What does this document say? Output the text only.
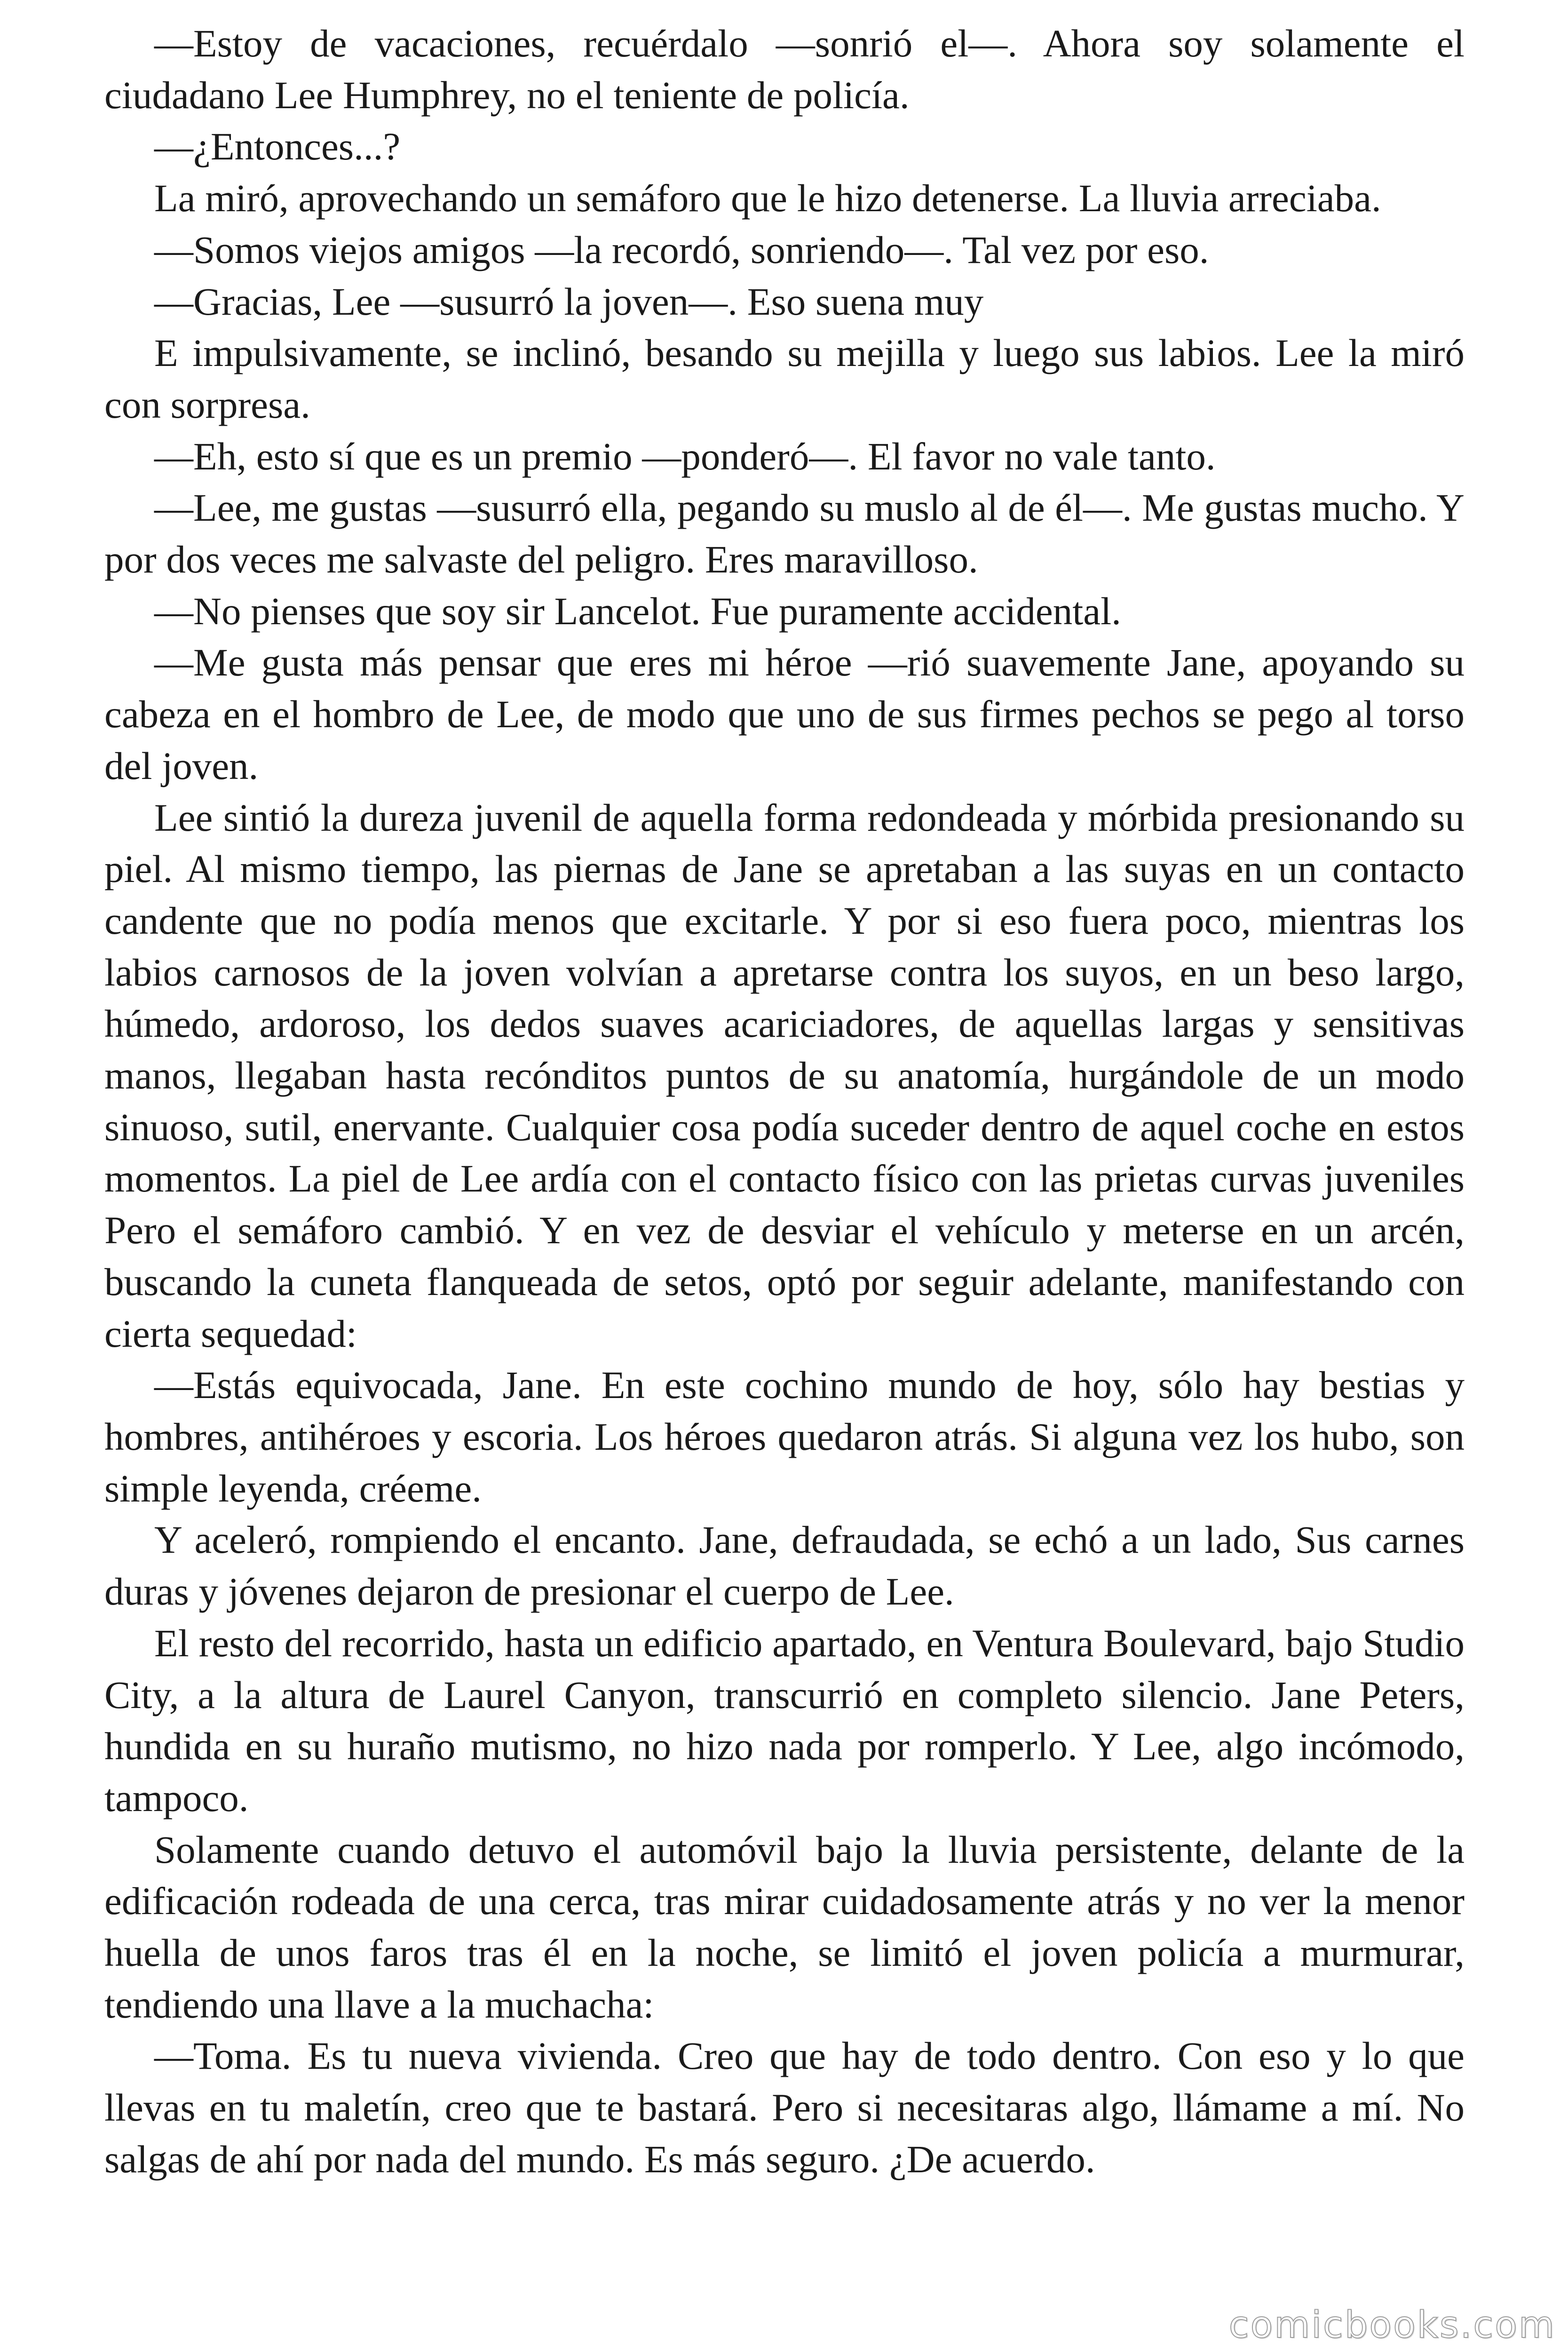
—Estoy de vacaciones, recuérdalo —sonrió el—. Ahora soy solamente el ciudadano Lee Humphrey, no el teniente de policía.

—¿Entonces...?

La miró, aprovechando un semáforo que le hizo detenerse. La lluvia arreciaba.

—Somos viejos amigos —la recordó, sonriendo—. Tal vez por eso.

—Gracias, Lee —susurró la joven—. Eso suena muy

E impulsivamente, se inclinó, besando su mejilla y luego sus labios. Lee la miró con sorpresa.

—Eh, esto sí que es un premio —ponderó—. El favor no vale tanto.

—Lee, me gustas —susurró ella, pegando su muslo al de él—. Me gustas mucho. Y por dos veces me salvaste del peligro. Eres maravilloso.

—No pienses que soy sir Lancelot. Fue puramente accidental.

—Me gusta más pensar que eres mi héroe —rió suavemente Jane, apoyando su cabeza en el hombro de Lee, de modo que uno de sus firmes pechos se pego al torso del joven.

Lee sintió la dureza juvenil de aquella forma redondeada y mórbida presionando su piel. Al mismo tiempo, las piernas de Jane se apretaban a las suyas en un contacto candente que no podía menos que excitarle. Y por si eso fuera poco, mientras los labios carnosos de la joven volvían a apretarse contra los suyos, en un beso largo, húmedo, ardoroso, los dedos suaves acariciadores, de aquellas largas y sensitivas manos, llegaban hasta recónditos puntos de su anatomía, hurgándole de un modo sinuoso, sutil, enervante. Cualquier cosa podía suceder dentro de aquel coche en estos momentos. La piel de Lee ardía con el contacto físico con las prietas curvas juveniles Pero el semáforo cambió. Y en vez de desviar el vehículo y meterse en un arcén, buscando la cuneta flanqueada de setos, optó por seguir adelante, manifestando con cierta sequedad:

—Estás equivocada, Jane. En este cochino mundo de hoy, sólo hay bestias y hombres, antihéroes y escoria. Los héroes quedaron atrás. Si alguna vez los hubo, son simple leyenda, créeme.

Y aceleró, rompiendo el encanto. Jane, defraudada, se echó a un lado, Sus carnes duras y jóvenes dejaron de presionar el cuerpo de Lee.

El resto del recorrido, hasta un edificio apartado, en Ventura Boulevard, bajo Studio City, a la altura de Laurel Canyon, transcurrió en completo silencio. Jane Peters, hundida en su huraño mutismo, no hizo nada por romperlo. Y Lee, algo incómodo, tampoco.

Solamente cuando detuvo el automóvil bajo la lluvia persistente, delante de la edificación rodeada de una cerca, tras mirar cuidadosamente atrás y no ver la menor huella de unos faros tras él en la noche, se limitó el joven policía a murmurar, tendiendo una llave a la muchacha:

—Toma. Es tu nueva vivienda. Creo que hay de todo dentro. Con eso y lo que llevas en tu maletín, creo que te bastará. Pero si necesitaras algo, llámame a mí. No salgas de ahí por nada del mundo. Es más seguro. ¿De acuerdo.

comicbooks.com
